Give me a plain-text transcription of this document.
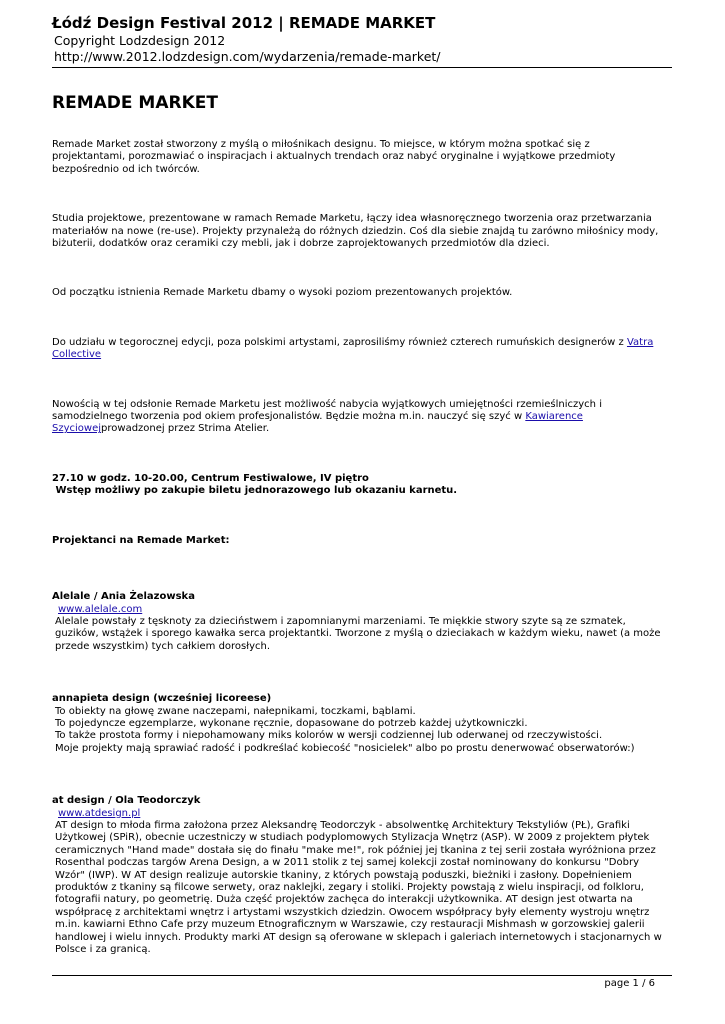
Łódź Design Festival 2012 | REMADE MARKET
Copyright Lodzdesign 2012
http://www.2012.lodzdesign.com/wydarzenia/remade-market/
REMADE MARKET

Remade Market został stworzony z myślą o miłośnikach designu. To miejsce, w którym można spotkać się z projektantami, porozmawiać o inspiracjach i aktualnych trendach oraz nabyć oryginalne i wyjątkowe przedmioty bezpośrednio od ich twórców.

Studia projektowe, prezentowane w ramach Remade Marketu, łączy idea własnoręcznego tworzenia oraz przetwarzania materiałów na nowe (re-use). Projekty przynależą do różnych dziedzin. Coś dla siebie znajdą tu zarówno miłośnicy mody, biżuterii, dodatków oraz ceramiki czy mebli, jak i dobrze zaprojektowanych przedmiotów dla dzieci.

Od początku istnienia Remade Marketu dbamy o wysoki poziom prezentowanych projektów.

Do udziału w tegorocznej edycji, poza polskimi artystami, zaprosiliśmy również czterech rumuńskich designerów z Vatra Collective

Nowością w tej odsłonie Remade Marketu jest możliwość nabycia wyjątkowych umiejętności rzemieślniczych i samodzielnego tworzenia pod okiem profesjonalistów. Będzie można m.in. nauczyć się szyć w Kawiarence Szyciowejprowadzonej przez Strima Atelier.

27.10 w godz. 10-20.00, Centrum Festiwalowe, IV piętro

Wstęp możliwy po zakupie biletu jednorazowego lub okazaniu karnetu.

Projektanci na Remade Market:

Alelale / Ania Żelazowska

www.alelale.com

Alelale powstały z tęsknoty za dzieciństwem i zapomnianymi marzeniami. Te miękkie stwory szyte są ze szmatek, guzików, wstążek i sporego kawałka serca projektantki. Tworzone z myślą o dzieciakach w każdym wieku, nawet (a może przede wszystkim) tych całkiem dorosłych.

annapieta design (wcześniej licoreese)

To obiekty na głowę zwane naczepami, nałepnikami, toczkami, bąblami.

To pojedyncze egzemplarze, wykonane ręcznie, dopasowane do potrzeb każdej użytkowniczki.

To także prostota formy i niepohamowany miks kolorów w wersji codziennej lub oderwanej od rzeczywistości.

Moje projekty mają sprawiać radość i podkreślać kobiecość "nosicielek" albo po prostu denerwować obserwatorów:)

at design / Ola Teodorczyk

www.atdesign.pl

AT design to młoda firma założona przez Aleksandrę Teodorczyk - absolwentkę Architektury Tekstyliów (PŁ), Grafiki Użytkowej (SPiR), obecnie uczestniczy w studiach podyplomowych Stylizacja Wnętrz (ASP). W 2009 z projektem płytek ceramicznych "Hand made" dostała się do finału "make me!", rok później jej tkanina z tej serii została wyróżniona przez Rosenthal podczas targów Arena Design, a w 2011 stolik z tej samej kolekcji został nominowany do konkursu "Dobry Wzór" (IWP). W AT design realizuje autorskie tkaniny, z których powstają poduszki, bieżniki i zasłony. Dopełnieniem produktów z tkaniny są filcowe serwety, oraz naklejki, zegary i stoliki. Projekty powstają z wielu inspiracji, od folkloru, fotografii natury, po geometrię. Duża część projektów zachęca do interakcji użytkownika. AT design jest otwarta na współpracę z architektami wnętrz i artystami wszystkich dziedzin. Owocem współpracy były elementy wystroju wnętrz m.in. kawiarni Ethno Cafe przy muzeum Etnograficznym w Warszawie, czy restauracji Mishmash w gorzowskiej galerii handlowej i wielu innych. Produkty marki AT design są oferowane w sklepach i galeriach internetowych i stacjonarnych w Polsce i za granicą.

page 1 / 6
